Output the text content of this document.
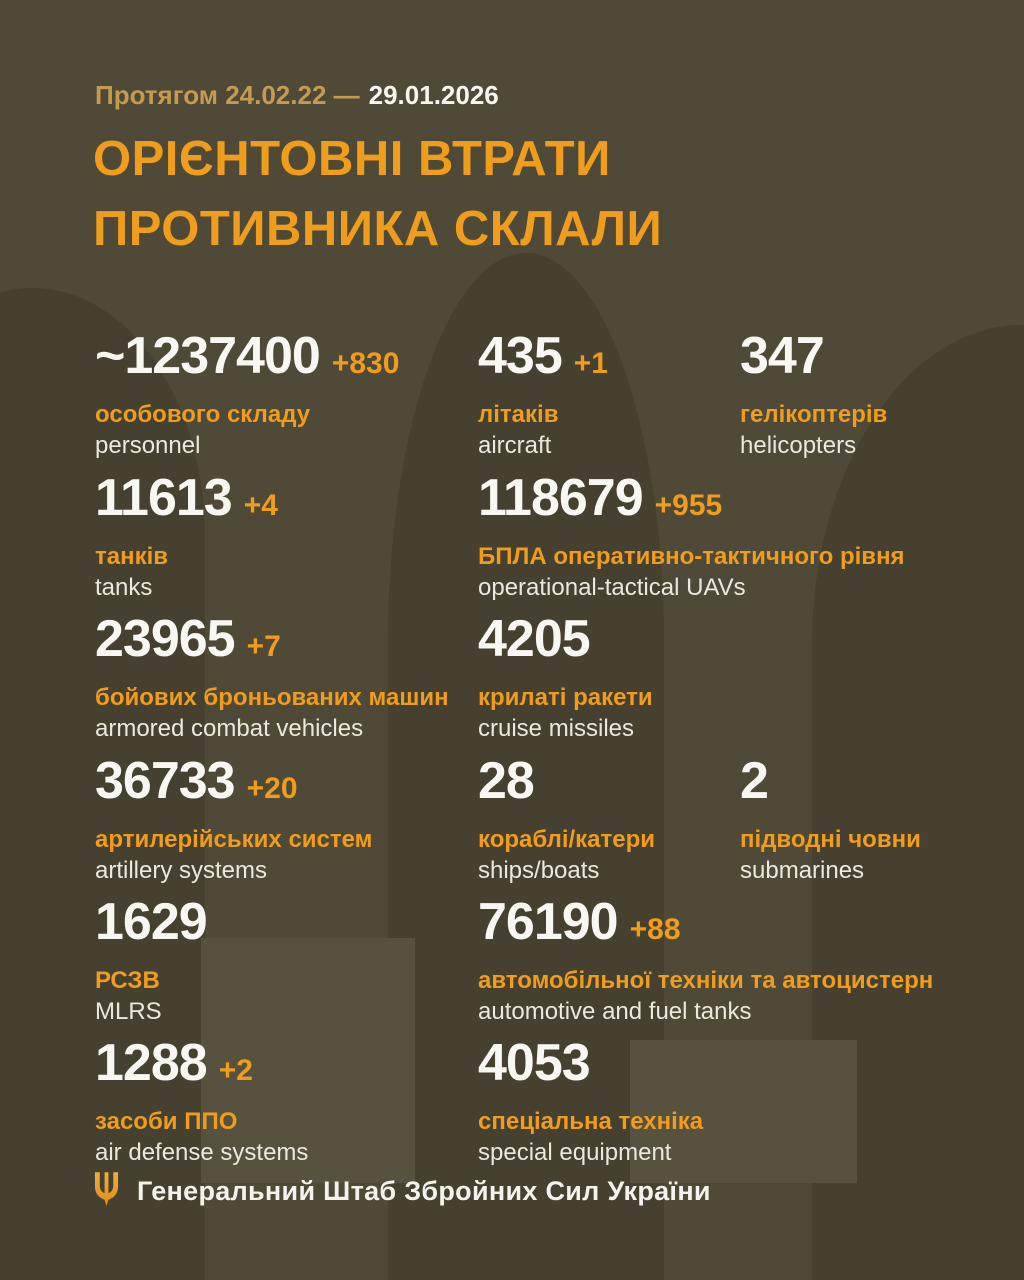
Протягом 24.02.22 — 29.01.2026
ОРІЄНТОВНІ ВТРАТИ
ПРОТИВНИКА СКЛАЛИ
~1237400 +830
особового складу
personnel
435 +1
літаків
aircraft
347
гелікоптерів
helicopters
11613 +4
танків
tanks
118679 +955
БПЛА оперативно-тактичного рівня
operational-tactical UAVs
23965 +7
бойових броньованих машин
armored combat vehicles
4205
крилаті ракети
cruise missiles
36733 +20
артилерійських систем
artillery systems
28
кораблі/катери
ships/boats
2
підводні човни
submarines
1629
РСЗВ
MLRS
76190 +88
автомобільної техніки та автоцистерн
automotive and fuel tanks
1288 +2
засоби ППО
air defense systems
4053
спеціальна техніка
special equipment
Генеральний Штаб Збройних Сил України
